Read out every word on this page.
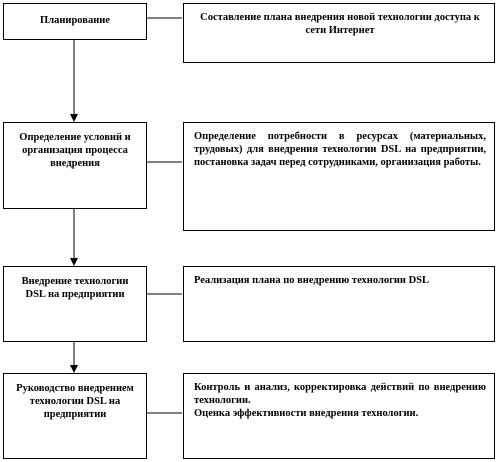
Планирование
Определение условий и организация процесса внедрения
Внедрение технологии DSL на предприятии
Руководство внедрением технологии DSL на предприятии
Составление плана внедрения новой технологии доступа к сети Интернет
Определение потребности в ресурсах (материальных, трудовых) для внедрения технологии DSL на предприятии, постановка задач перед сотрудниками, организация работы.
Реализация плана по внедрению технологии DSL
Контроль и анализ, корректировка действий по внедрению технологии.
Оценка эффективности внедрения технологии.
